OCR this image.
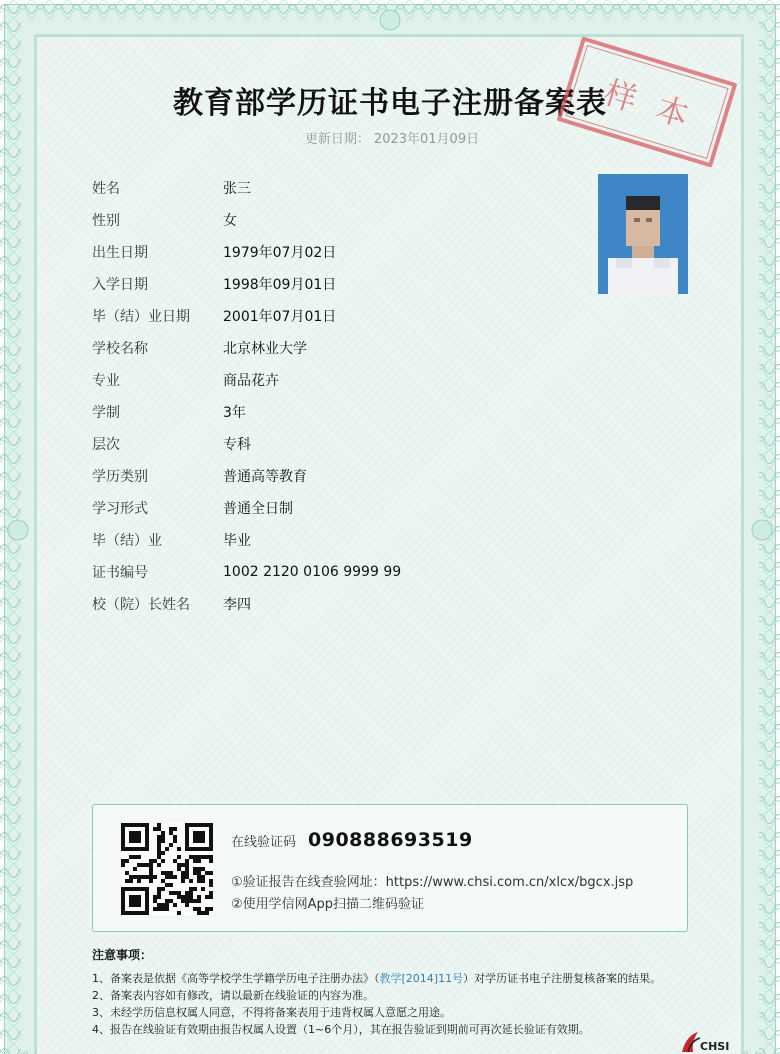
教育部学历证书电子注册备案表
更新日期： 2023年01月09日	样本
姓名	张三
性别	女
出生日期	1979年07月02日
入学日期	1998年09月01日
毕（结）业日期	2001年07月01日
学校名称	北京林业大学
专业	商品花卉
学制	3年
层次	专科
学历类别	普通高等教育
学习形式	普通全日制
毕（结）业	毕业
证书编号	1002 2120 0106 9999 99
校（院）长姓名	李四
在线验证码 090888693519
①验证报告在线查验网址：https://www.chsi.com.cn/xlcx/bgcx.jsp
②使用学信网App扫描二维码验证
注意事项：
1、备案表是依据《高等学校学生学籍学历电子注册办法》（教学[2014]11号）对学历证书电子注册复核备案的结果。
2、备案表内容如有修改，请以最新在线验证的内容为准。
3、未经学历信息权属人同意，不得将备案表用于违背权属人意愿之用途。
4、报告在线验证有效期由报告权属人设置（1~6个月），其在报告验证到期前可再次延长验证有效期。
CHSI
